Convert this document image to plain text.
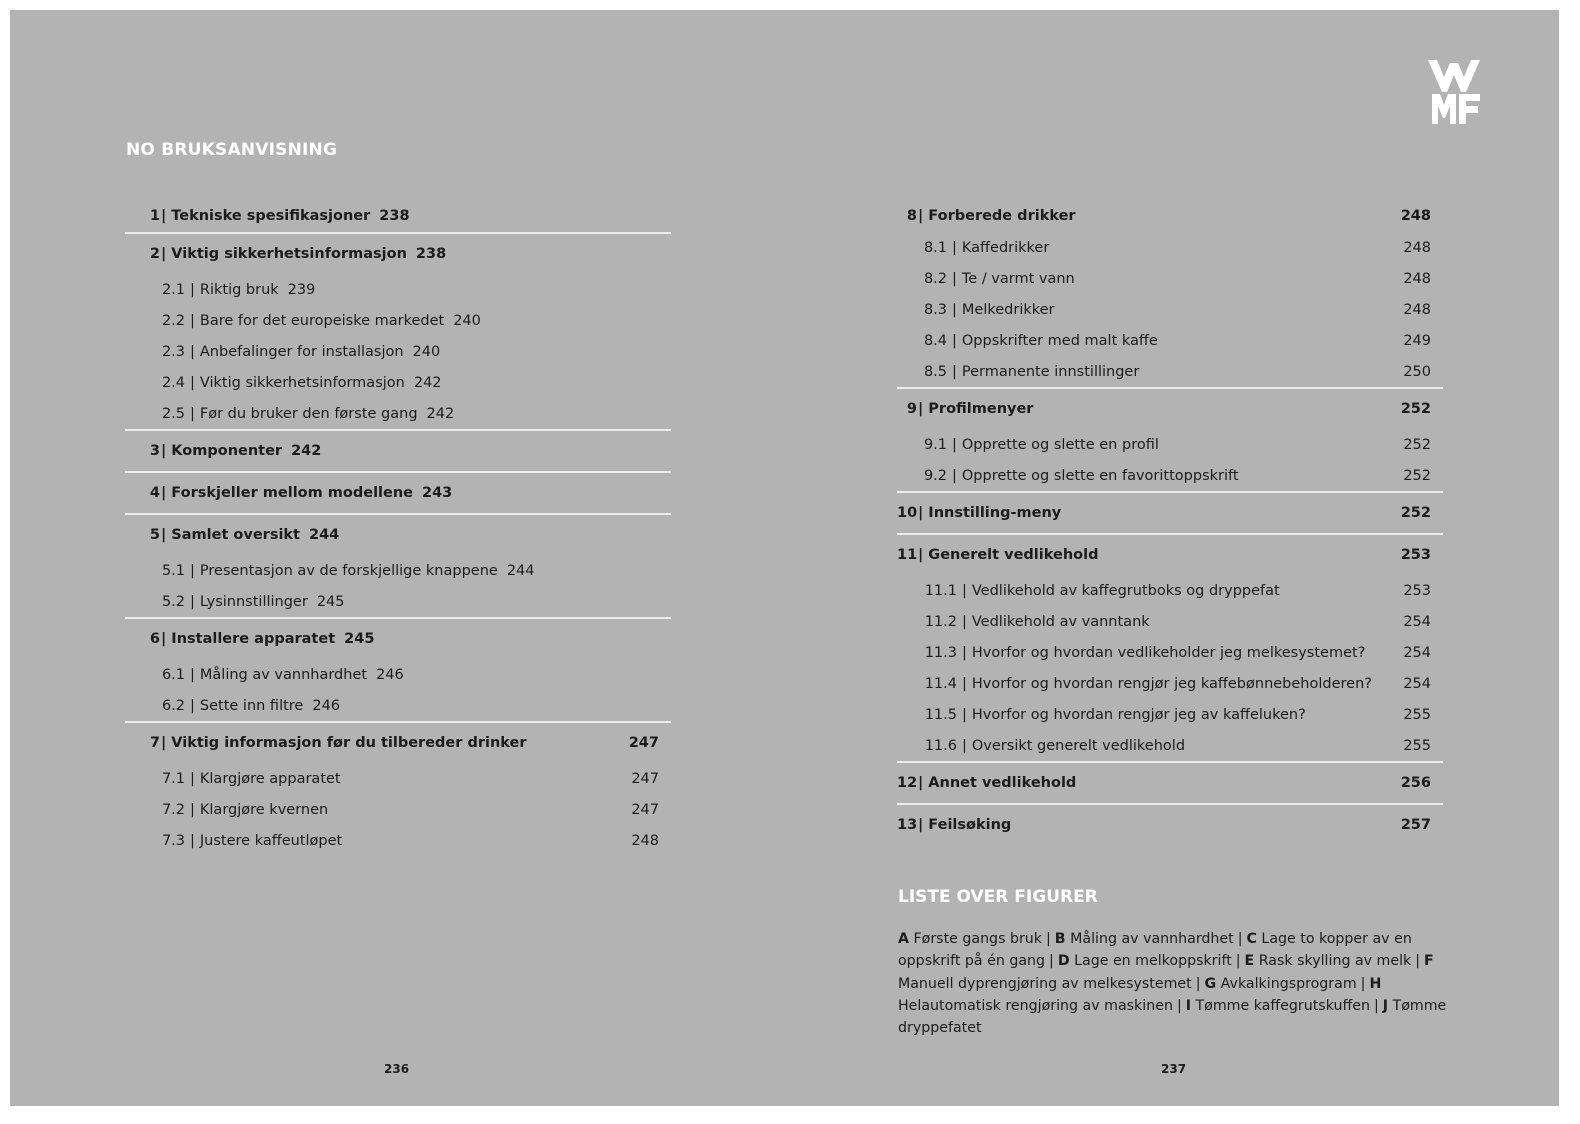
NO BRUKSANVISNING
1 | Tekniske spesifikasjoner 238
2 | Viktig sikkerhetsinformasjon 238
2.1 | Riktig bruk 239
2.2 | Bare for det europeiske markedet 240
2.3 | Anbefalinger for installasjon 240
2.4 | Viktig sikkerhetsinformasjon 242
2.5 | Før du bruker den første gang 242
3 | Komponenter 242
4 | Forskjeller mellom modellene 243
5 | Samlet oversikt 244
5.1 | Presentasjon av de forskjellige knappene 244
5.2 | Lysinnstillinger 245
6 | Installere apparatet 245
6.1 | Måling av vannhardhet 246
6.2 | Sette inn filtre 246
7 | Viktig informasjon før du tilbereder drinker	247
7.1 | Klargjøre apparatet	247
7.2 | Klargjøre kvernen	247
7.3 | Justere kaffeutløpet	248
8 | Forberede drikker	248
8.1 | Kaffedrikker	248
8.2 | Te / varmt vann	248
8.3 | Melkedrikker	248
8.4 | Oppskrifter med malt kaffe	249
8.5 | Permanente innstillinger	250
9 | Profilmenyer	252
9.1 | Opprette og slette en profil	252
9.2 | Opprette og slette en favorittoppskrift	252
10 | Innstilling-meny	252
11 | Generelt vedlikehold	253
11.1 | Vedlikehold av kaffegrutboks og dryppefat	253
11.2 | Vedlikehold av vanntank	254
11.3 | Hvorfor og hvordan vedlikeholder jeg melkesystemet?	254
11.4 | Hvorfor og hvordan rengjør jeg kaffebønnebeholderen? 254
11.5 | Hvorfor og hvordan rengjør jeg av kaffeluken?	255
11.6 | Oversikt generelt vedlikehold	255
12 | Annet vedlikehold	256
13 | Feilsøking	257
LISTE OVER FIGURER
A Første gangs bruk | B Måling av vannhardhet | C Lage to kopper av en oppskrift på én gang | D Lage en melkoppskrift | E Rask skylling av melk | F Manuell dyprengjøring av melkesystemet | G Avkalkingsprogram | H Helautomatisk rengjøring av maskinen | I Tømme kaffegrutskuffen | J Tømme dryppefatet
236	237
